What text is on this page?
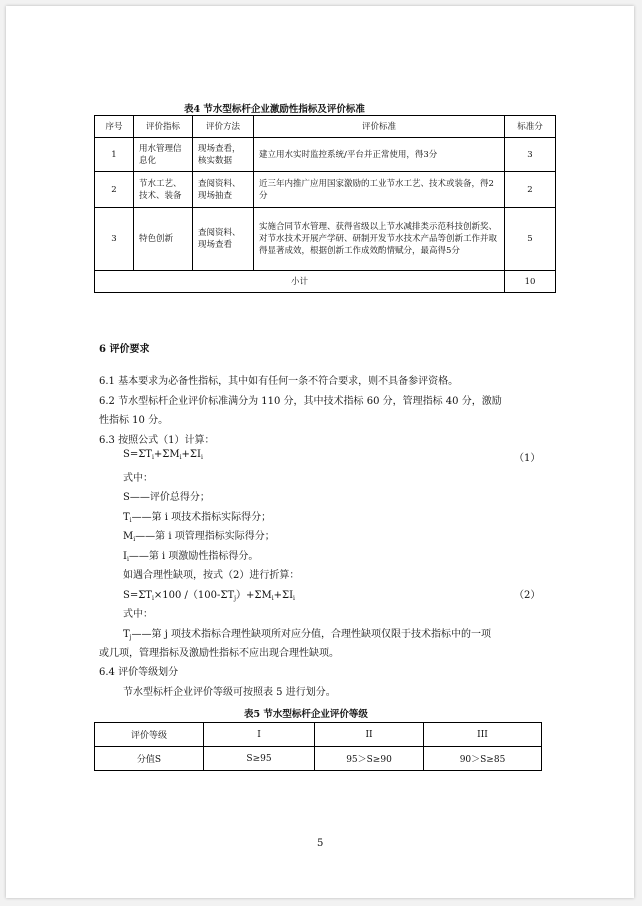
表4 节水型标杆企业激励性指标及评价标准
序号	评价指标	评价方法	评价标准	标准分
1	用水管理信息化	现场查看，核实数据	建立用水实时监控系统/平台并正常使用，得3分	3
2	节水工艺、技术、装备	查阅资料、现场抽查	近三年内推广应用国家激励的工业节水工艺、技术或装备，得2分	2
3	特色创新	查阅资料、现场查看	实施合同节水管理、获得省级以上节水减排类示范科技创新奖、对节水技术开展产学研、研制开发节水技术产品等创新工作并取得显著成效，根据创新工作成效酌情赋分，最高得5分	5
小计				10
6 评价要求
6.1 基本要求为必备性指标，其中如有任何一条不符合要求，则不具备参评资格。
6.2 节水型标杆企业评价标准满分为 110 分，其中技术指标 60 分，管理指标 40 分，激励
性指标 10 分。
6.3 按照公式（1）计算：
$S=\Sigma T_i+\Sigma M_i+\Sigma I_i$	（1）
式中：
S——评价总得分；
$T_i——$第 i 项技术指标实际得分；
$M_i——$第 i 项管理指标实际得分；
$I_i——$第 i 项激励性指标得分。
如遇合理性缺项，按式（2）进行折算：
$S=\Sigma T_i\times 100$ $/(100-\Sigma T_j)+\Sigma M_i+\Sigma I_i$	（2）
式中：
$T_j——$第 j 项技术指标合理性缺项所对应分值，合理性缺项仅限于技术指标中的一项
或几项，管理指标及激励性指标不应出现合理性缺项。
6.4 评价等级划分
节水型标杆企业评价等级可按照表 5 进行划分。
表5 节水型标杆企业评价等级
评价等级	I	II	III
分值S	S≥95	95＞S≥90	90＞S≥85
5
